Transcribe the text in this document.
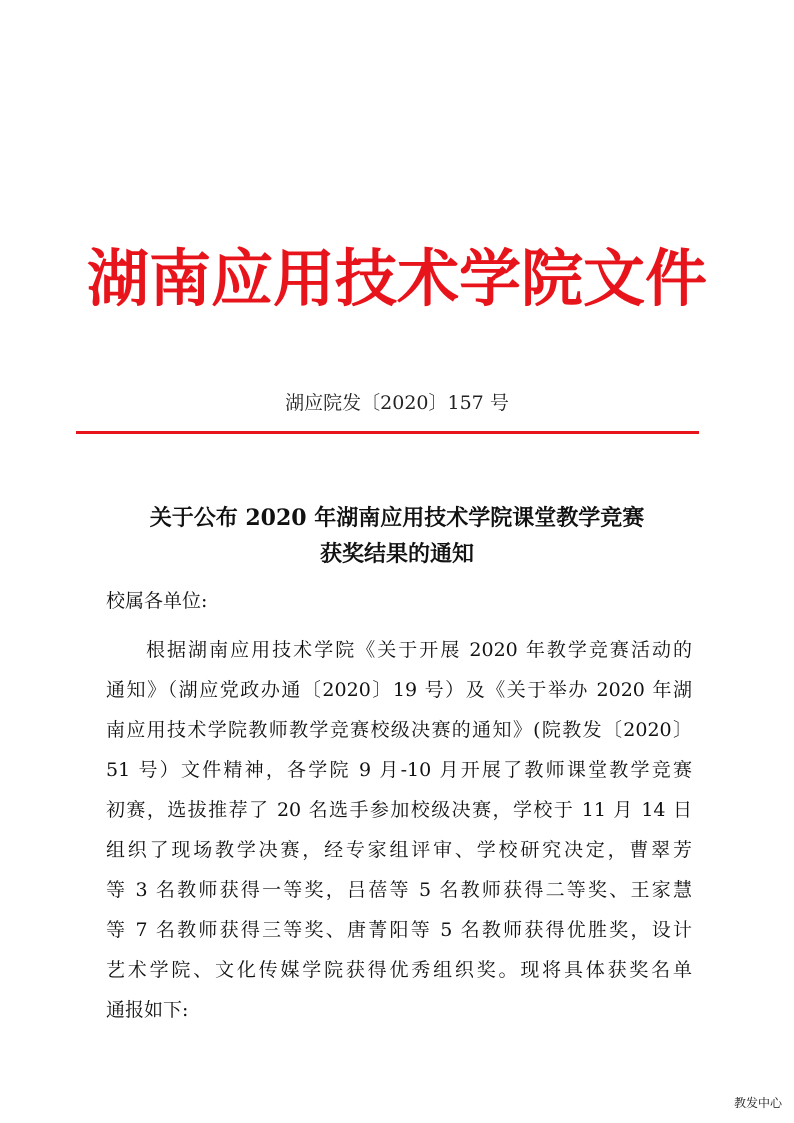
湖南应用技术学院文件
湖应院发〔2020〕157 号
关于公布 2020 年湖南应用技术学院课堂教学竞赛
获奖结果的通知
校属各单位:
根据湖南应用技术学院《关于开展 2020 年教学竞赛活动的
通知》（湖应党政办通〔2020〕19 号）及《关于举办 2020 年湖
南应用技术学院教师教学竞赛校级决赛的通知》(院教发〔2020〕
51 号）文件精神，各学院 9 月-10 月开展了教师课堂教学竞赛
初赛，选拔推荐了 20 名选手参加校级决赛，学校于 11 月 14 日
组织了现场教学决赛，经专家组评审、学校研究决定，曹翠芳
等 3 名教师获得一等奖，吕蓓等 5 名教师获得二等奖、王家慧
等 7 名教师获得三等奖、唐菁阳等 5 名教师获得优胜奖，设计
艺术学院、文化传媒学院获得优秀组织奖。现将具体获奖名单
通报如下:
教发中心
